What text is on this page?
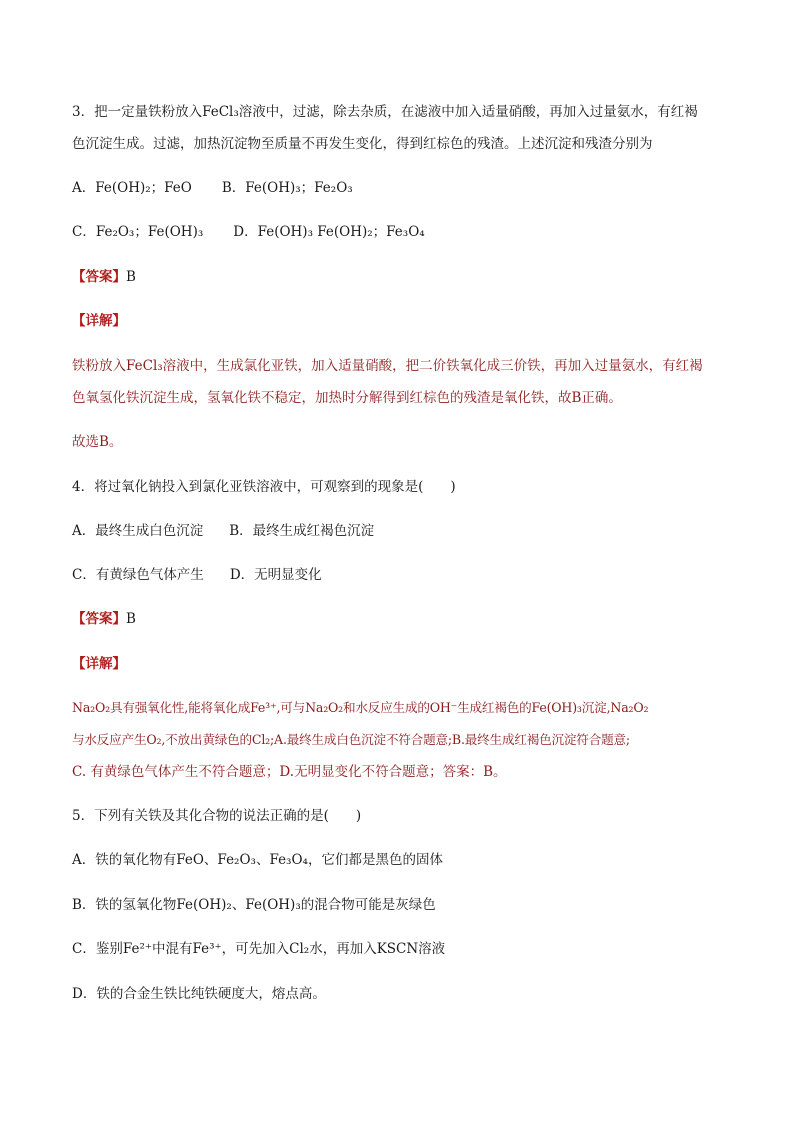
3．把一定量铁粉放入FeCl₃溶液中，过滤，除去杂质，在滤液中加入适量硝酸，再加入过量氨水，有红褐
色沉淀生成。过滤，加热沉淀物至质量不再发生变化，得到红棕色的残渣。上述沉淀和残渣分别为
A．Fe(OH)₂；FeO B．Fe(OH)₃；Fe₂O₃
C．Fe₂O₃；Fe(OH)₃ D．Fe(OH)₃ Fe(OH)₂；Fe₃O₄
【答案】B
【详解】
铁粉放入FeCl₃溶液中，生成氯化亚铁，加入适量硝酸，把二价铁氧化成三价铁，再加入过量氨水，有红褐
色氧氢化铁沉淀生成，氢氧化铁不稳定，加热时分解得到红棕色的残渣是氧化铁，故B正确。
故选B。
4．将过氧化钠投入到氯化亚铁溶液中，可观察到的现象是(　　)
A．最终生成白色沉淀 B．最终生成红褐色沉淀
C．有黄绿色气体产生 D．无明显变化
【答案】B
【详解】
Na₂O₂具有强氧化性,能将氧化成Fe³⁺,可与Na₂O₂和水反应生成的OH⁻生成红褐色的Fe(OH)₃沉淀,Na₂O₂
与水反应产生O₂,不放出黄绿色的Cl₂;A.最终生成白色沉淀不符合题意;B.最终生成红褐色沉淀符合题意;
C. 有黄绿色气体产生不符合题意；D.无明显变化不符合题意；答案：B。
5．下列有关铁及其化合物的说法正确的是(　　)
A．铁的氧化物有FeO、Fe₂O₃、Fe₃O₄，它们都是黑色的固体
B．铁的氢氧化物Fe(OH)₂、Fe(OH)₃的混合物可能是灰绿色
C．鉴别Fe²⁺中混有Fe³⁺，可先加入Cl₂水，再加入KSCN溶液
D．铁的合金生铁比纯铁硬度大，熔点高。
